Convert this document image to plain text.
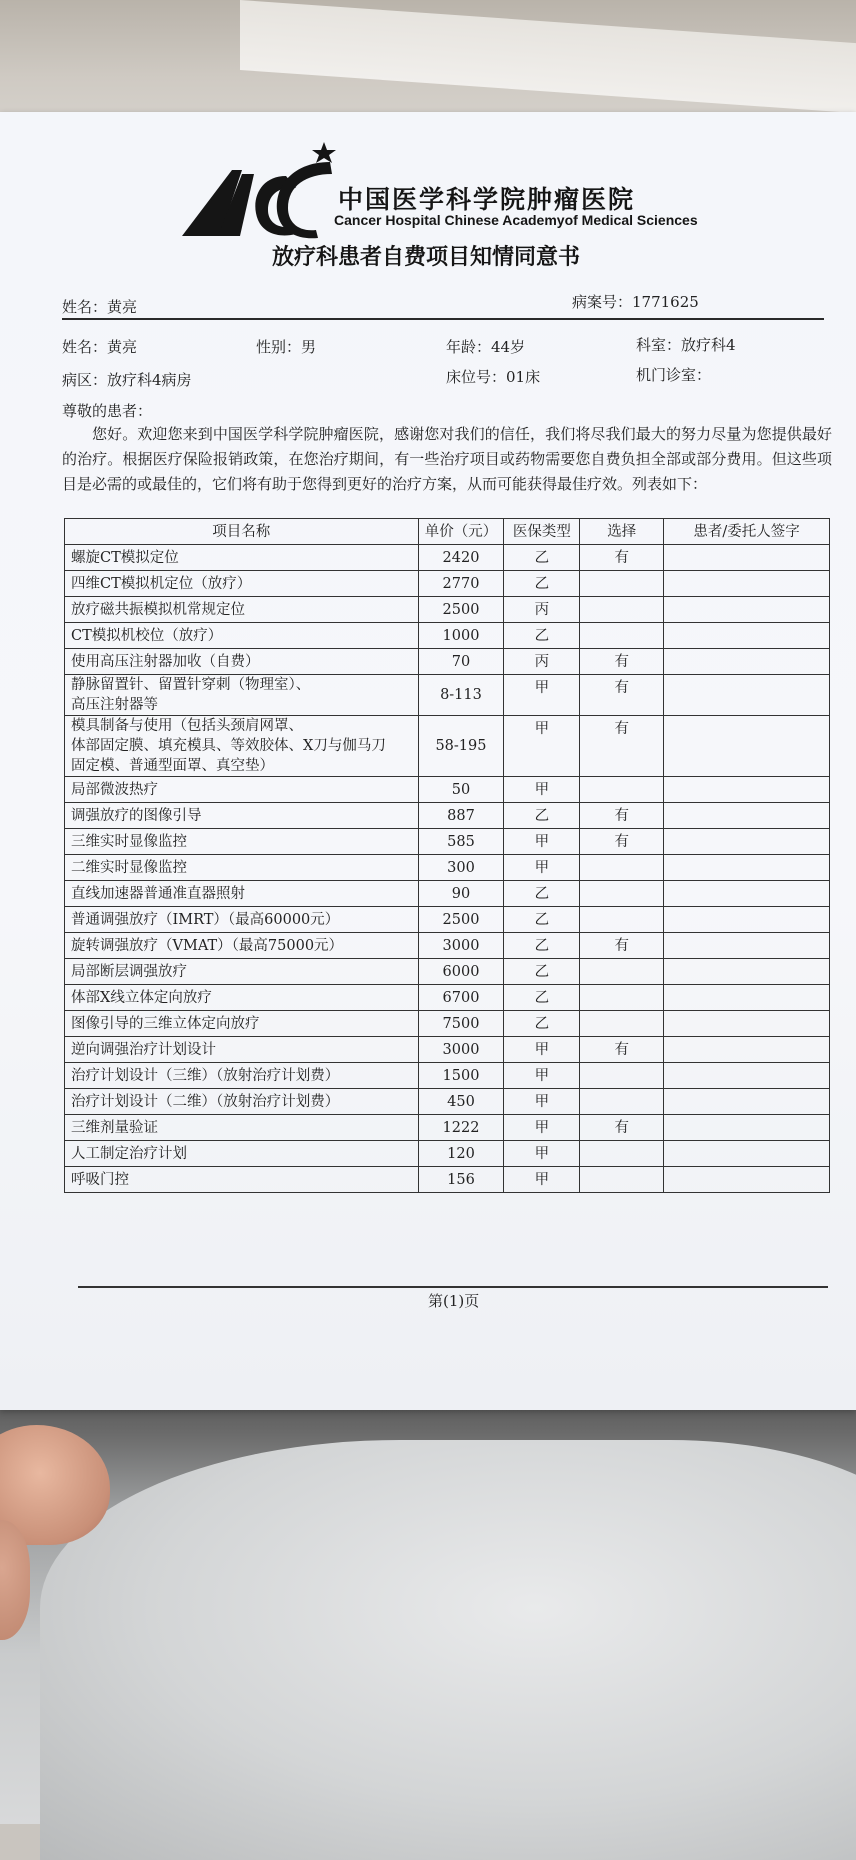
中国医学科学院肿瘤医院
Cancer Hospital Chinese Academyof Medical Sciences
放疗科患者自费项目知情同意书
姓名：黄亮	病案号：1771625
姓名：黄亮	性别：男	年龄：44岁	科室：放疗科4
病区：放疗科4病房	床位号：01床	机门诊室：
尊敬的患者：
您好。欢迎您来到中国医学科学院肿瘤医院，感谢您对我们的信任，我们将尽我们最大的努力尽量为您提供最好的治疗。根据医疗保险报销政策，在您治疗期间，有一些治疗项目或药物需要您自费负担全部或部分费用。但这些项目是必需的或最佳的，它们将有助于您得到更好的治疗方案，从而可能获得最佳疗效。列表如下：
项目名称	单价（元）	医保类型	选择	患者/委托人签字
螺旋CT模拟定位	2420	乙	有	
四维CT模拟机定位（放疗）	2770	乙		
放疗磁共振模拟机常规定位	2500	丙		
CT模拟机校位（放疗）	1000	乙		
使用高压注射器加收（自费）	70	丙	有	
静脉留置针、留置针穿刺（物理室）、
高压注射器等	8-113	甲	有	
模具制备与使用（包括头颈肩网罩、
体部固定膜、填充模具、等效胶体、X刀与伽马刀
固定模、普通型面罩、真空垫）	58-195	甲	有	
局部微波热疗	50	甲		
调强放疗的图像引导	887	乙	有	
三维实时显像监控	585	甲	有	
二维实时显像监控	300	甲		
直线加速器普通准直器照射	90	乙		
普通调强放疗（IMRT）（最高60000元）	2500	乙		
旋转调强放疗（VMAT）（最高75000元）	3000	乙	有	
局部断层调强放疗	6000	乙		
体部X线立体定向放疗	6700	乙		
图像引导的三维立体定向放疗	7500	乙		
逆向调强治疗计划设计	3000	甲	有	
治疗计划设计（三维）（放射治疗计划费）	1500	甲		
治疗计划设计（二维）（放射治疗计划费）	450	甲		
三维剂量验证	1222	甲	有	
人工制定治疗计划	120	甲		
呼吸门控	156	甲		
第(1)页
